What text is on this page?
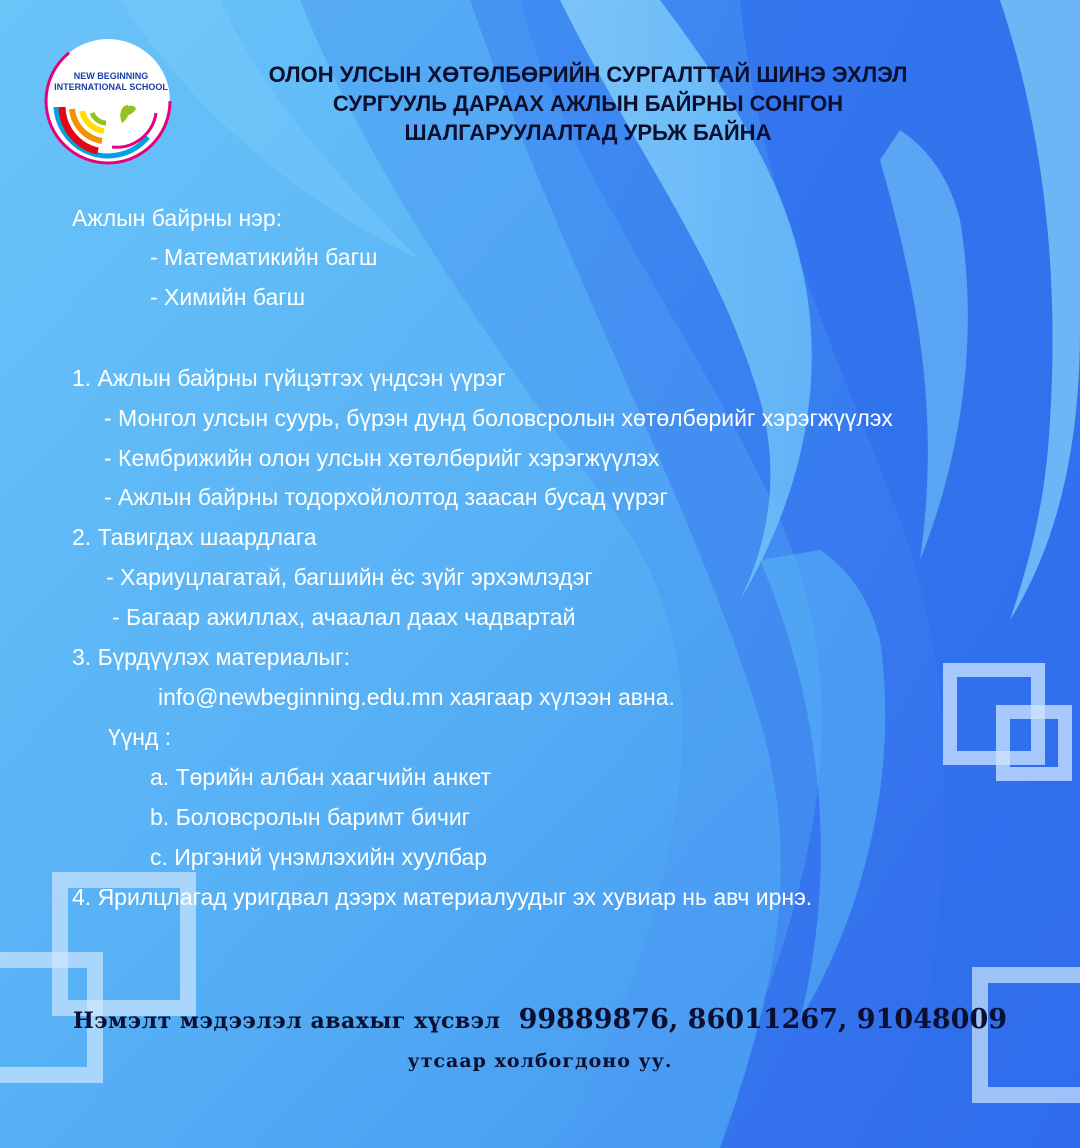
NEW BEGINNING
INTERNATIONAL SCHOOL	ОЛОН УЛСЫН ХӨТӨЛБӨРИЙН СУРГАЛТТАЙ ШИНЭ ЭХЛЭЛ
СУРГУУЛЬ ДАРААХ АЖЛЫН БАЙРНЫ СОНГОН
ШАЛГАРУУЛАЛТАД УРЬЖ БАЙНА
Ажлын байрны нэр:
- Математикийн багш
- Химийн багш
1. Ажлын байрны гүйцэтгэх үндсэн үүрэг
- Монгол улсын суурь, бүрэн дунд боловсролын хөтөлбөрийг хэрэгжүүлэх
- Кембрижийн олон улсын хөтөлбөрийг хэрэгжүүлэх
- Ажлын байрны тодорхойлолтод заасан бусад үүрэг
2. Тавигдах шаардлага
- Хариуцлагатай, багшийн ёс зүйг эрхэмлэдэг
- Багаар ажиллах, ачаалал даах чадвартай
3. Бүрдүүлэх материалыг:
info@newbeginning.edu.mn хаягаар хүлээн авна.
Үүнд :
a. Төрийн албан хаагчийн анкет
b. Боловсролын баримт бичиг
c. Иргэний үнэмлэхийн хуулбар
4. Ярилцлагад уригдвал дээрх материалуудыг эх хувиар нь авч ирнэ.
Нэмэлт мэдээлэл авахыг хүсвэл 99889876, 86011267, 91048009
утсаар холбогдоно уу.
